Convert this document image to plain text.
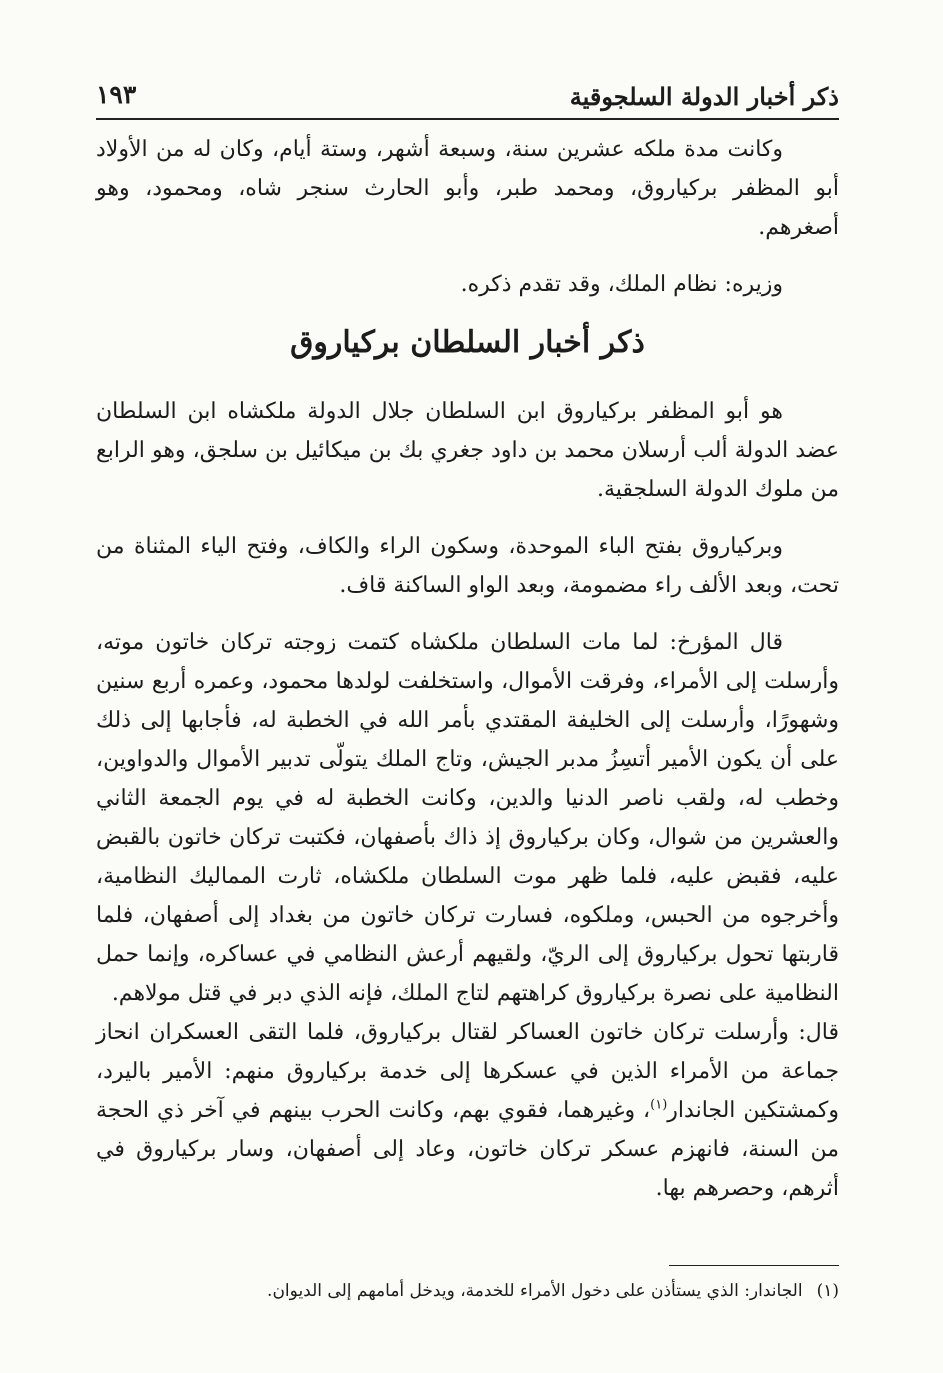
ذكر أخبار الدولة السلجوقية
١٩٣

وكانت مدة ملكه عشرين سنة، وسبعة أشهر، وستة أيام، وكان له من الأولاد أبو المظفر بركياروق، ومحمد طبر، وأبو الحارث سنجر شاه، ومحمود، وهو أصغرهم.

وزيره: نظام الملك، وقد تقدم ذكره.

ذكر أخبار السلطان بركياروق

هو أبو المظفر بركياروق ابن السلطان جلال الدولة ملكشاه ابن السلطان عضد الدولة ألب أرسلان محمد بن داود جغري بك بن ميكائيل بن سلجق، وهو الرابع من ملوك الدولة السلجقية.

وبركياروق بفتح الباء الموحدة، وسكون الراء والكاف، وفتح الياء المثناة من تحت، وبعد الألف راء مضمومة، وبعد الواو الساكنة قاف.

قال المؤرخ: لما مات السلطان ملكشاه كتمت زوجته تركان خاتون موته، وأرسلت إلى الأمراء، وفرقت الأموال، واستخلفت لولدها محمود، وعمره أربع سنين وشهورًا، وأرسلت إلى الخليفة المقتدي بأمر الله في الخطبة له، فأجابها إلى ذلك على أن يكون الأمير أتسِزُ مدبر الجيش، وتاج الملك يتولّى تدبير الأموال والدواوين، وخطب له، ولقب ناصر الدنيا والدين، وكانت الخطبة له في يوم الجمعة الثاني والعشرين من شوال، وكان بركياروق إذ ذاك بأصفهان، فكتبت تركان خاتون بالقبض عليه، فقبض عليه، فلما ظهر موت السلطان ملكشاه، ثارت المماليك النظامية، وأخرجوه من الحبس، وملكوه، فسارت تركان خاتون من بغداد إلى أصفهان، فلما قاربتها تحول بركياروق إلى الريّ، ولقيهم أرعش النظامي في عساكره، وإنما حمل النظامية على نصرة بركياروق كراهتهم لتاج الملك، فإنه الذي دبر في قتل مولاهم.

قال: وأرسلت تركان خاتون العساكر لقتال بركياروق، فلما التقى العسكران انحاز جماعة من الأمراء الذين في عسكرها إلى خدمة بركياروق منهم: الأمير باليرد، وكمشتكين الجاندار$^{(١)}$، وغيرهما، فقوي بهم، وكانت الحرب بينهم في آخر ذي الحجة من السنة، فانهزم عسكر تركان خاتون، وعاد إلى أصفهان، وسار بركياروق في أثرهم، وحصرهم بها.

(١)الجاندار: الذي يستأذن على دخول الأمراء للخدمة، ويدخل أمامهم إلى الديوان.
